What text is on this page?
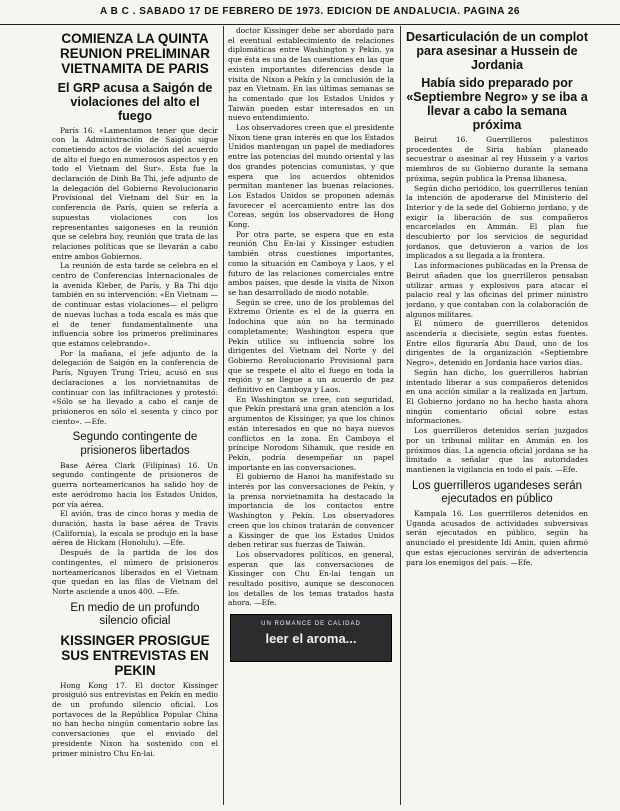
A B C . SABADO 17 DE FEBRERO DE 1973. EDICION DE ANDALUCIA. PAGINA 26
COMIENZA LA QUINTA REUNION PRELIMINAR VIETNAMITA DE PARIS
El GRP acusa a Saigón de violaciones del alto el fuego

París 16. «Lamentamos tener que decir con la Administración de Saigón sigue cometiendo actos de violación del acuerdo de alto el fuego en numerosos aspectos y en todo el Vietnam del Sur». Esta fue la declaración de Dinh Ba Thi, jefe adjunto de la delegación del Gobierno Revolucionario Provisional del Vietnam del Sur en la conferencia de París, quien se refería a supuestas violaciones con los representantes saigoneses en la reunión que se celebra hoy, reunión que trata de las relaciones políticas que se llevarán a cabo entre ambos Gobiernos.

La reunión de esta tarde se celebra en el centro de Conferencias Internacionales de la avenida Kleber, de París, y Ba Thi dijo también en su intervención: «En Vietnam —de continuar estas violaciones— el peligro de nuevas luchas a toda escala es más que el de tener fundamentalmente una influencia sobre los primeros preliminares que estamos celebrando».

Por la mañana, el jefe adjunto de la delegación de Saigón en la conferencia de París, Nguyen Trung Trieu, acusó en sus declaraciones a los norvietnamitas de continuar con las infiltraciones y protestó: «Sólo se ha llevado a cabo el canje de prisioneros en sólo el sesenta y cinco por ciento». —Efe.

Segundo contingente de prisioneros libertados

Base Aérea Clark (Filipinas) 16. Un segundo contingente de prisioneros de guerra norteamericanos ha salido hoy de este aeródromo hacia los Estados Unidos, por vía aérea.

El avión, tras de cinco horas y media de duración, hasta la base aérea de Travis (California), la escala se produjo en la base aérea de Hickam (Honolulu). —Efe.

Después de la partida de los dos contingentes, el número de prisioneros norteamericanos liberados en el Vietnam que quedan en las filas de Vietnam del Norte asciende a unos 400. —Efe.

En medio de un profundo silencio oficial
KISSINGER PROSIGUE SUS ENTREVISTAS EN PEKIN

Hong Kong 17. El doctor Kissinger prosiguió sus entrevistas en Pekín en medio de un profundo silencio oficial. Los portavoces de la República Popular China no han hecho ningún comentario sobre las conversaciones que el enviado del presidente Nixon ha sostenido con el primer ministro Chu En-lai.

doctor Kissinger debe ser abordado para el eventual establecimiento de relaciones diplomáticas entre Washington y Pekín, ya que ésta es una de las cuestiones en las que existen importantes diferencias desde la visita de Nixon a Pekín y la conclusión de la paz en Vietnam. En las últimas semanas se ha comentado que los Estados Unidos y Taiwán pueden estar interesados en un nuevo entendimiento.

Los observadores creen que el presidente Nixon tiene gran interés en que los Estados Unidos mantengan un papel de mediadores entre las potencias del mundo oriental y las dos grandes potencias comunistas, y que espera que los acuerdos obtenidos permitan mantener las buenas relaciones. Los Estados Unidos se proponen además favorecer el acercamiento entre las dos Coreas, según los observadores de Hong Kong.

Por otra parte, se espera que en esta reunión Chu En-lai y Kissinger estudien también otras cuestiones importantes, como la situación en Camboya y Laos, y el futuro de las relaciones comerciales entre ambos países, que desde la visita de Nixon se han desarrollado de modo notable.

Según se cree, uno de los problemas del Extremo Oriente es el de la guerra en Indochina que aún no ha terminado completamente; Washington espera que Pekín utilice su influencia sobre los dirigentes del Vietnam del Norte y del Gobierno Revolucionario Provisional para que se respete el alto el fuego en toda la región y se llegue a un acuerdo de paz definitivo en Camboya y Laos.

En Washington se cree, con seguridad, que Pekín prestará una gran atención a los argumentos de Kissinger, ya que los chinos están interesados en que no haya nuevos conflictos en la zona. En Camboya el príncipe Norodom Sihanuk, que reside en Pekín, podría desempeñar un papel importante en las conversaciones.

El gobierno de Hanoi ha manifestado su interés por las conversaciones de Pekín, y la prensa norvietnamita ha destacado la importancia de los contactos entre Washington y Pekín. Los observadores creen que los chinos tratarán de convencer a Kissinger de que los Estados Unidos deben retirar sus fuerzas de Taiwán.

Los observadores políticos, en general, esperan que las conversaciones de Kissinger con Chu En-lai tengan un resultado positivo, aunque se desconocen los detalles de los temas tratados hasta ahora. —Efe.

UN ROMANCE DE CALIDAD
leer el aroma...
Desarticulación de un complot para asesinar a Hussein de Jordania
Había sido preparado por «Septiembre Negro» y se iba a llevar a cabo la semana próxima

Beirut 16. Guerrilleros palestinos procedentes de Siria habían planeado secuestrar o asesinar al rey Hussein y a varios miembros de su Gobierno durante la semana próxima, según publica la Prensa libanesa.

Según dicho periódico, los guerrilleros tenían la intención de apoderarse del Ministerio del Interior y de la sede del Gobierno jordano, y de exigir la liberación de sus compañeros encarcelados en Ammán. El plan fue descubierto por los servicios de seguridad jordanos, que detuvieron a varios de los implicados a su llegada a la frontera.

Las informaciones publicadas en la Prensa de Beirut añaden que los guerrilleros pensaban utilizar armas y explosivos para atacar el palacio real y las oficinas del primer ministro jordano, y que contaban con la colaboración de algunos militares.

El número de guerrilleros detenidos ascendería a diecisiete, según estas fuentes. Entre ellos figuraría Abu Daud, uno de los dirigentes de la organización «Septiembre Negro», detenido en Jordania hace varios días.

Según han dicho, los guerrilleros habrían intentado liberar a sus compañeros detenidos en una acción similar a la realizada en Jartum. El Gobierno jordano no ha hecho hasta ahora ningún comentario oficial sobre estas informaciones.

Los guerrilleros detenidos serían juzgados por un tribunal militar en Ammán en los próximos días. La agencia oficial jordana se ha limitado a señalar que las autoridades mantienen la vigilancia en todo el país. —Efe.

Los guerrilleros ugandeses serán ejecutados en público

Kampala 16. Los guerrilleros detenidos en Uganda acusados de actividades subversivas serán ejecutados en público, según ha anunciado el presidente Idi Amin, quien afirmó que estas ejecuciones servirán de advertencia para los enemigos del país. —Efe.
